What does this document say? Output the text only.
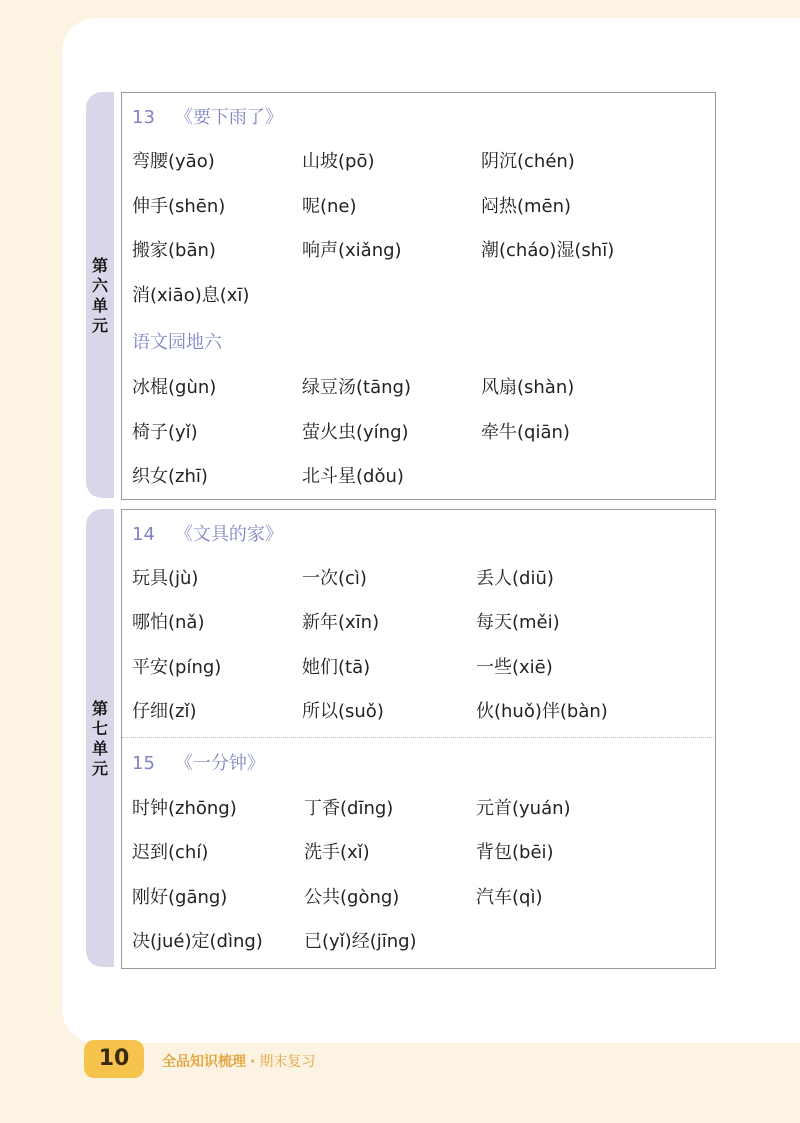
第
六
单
元
13 《要下雨了》
弯腰(yāo)	山坡(pō)	阴沉(chén)
伸手(shēn)	呢(ne)	闷热(mēn)
搬家(bān)	响声(xiǎng)	潮(cháo)湿(shī)
消(xiāo)息(xī)
语文园地六
冰棍(gùn)	绿豆汤(tāng)	风扇(shàn)
椅子(yǐ)	萤火虫(yíng)	牵牛(qiān)
织女(zhī)	北斗星(dǒu)
第
七
单
元
14 《文具的家》
玩具(jù)	一次(cì)	丢人(diū)
哪怕(nǎ)	新年(xīn)	每天(měi)
平安(píng)	她们(tā)	一些(xiē)
仔细(zǐ)	所以(suǒ)	伙(huǒ)伴(bàn)
15 《一分钟》
时钟(zhōng)	丁香(dīng)	元首(yuán)
迟到(chí)	洗手(xǐ)	背包(bēi)
刚好(gāng)	公共(gòng)	汽车(qì)
决(jué)定(dìng) 已(yǐ)经(jīng)
10	全品知识梳理 · 期末复习
